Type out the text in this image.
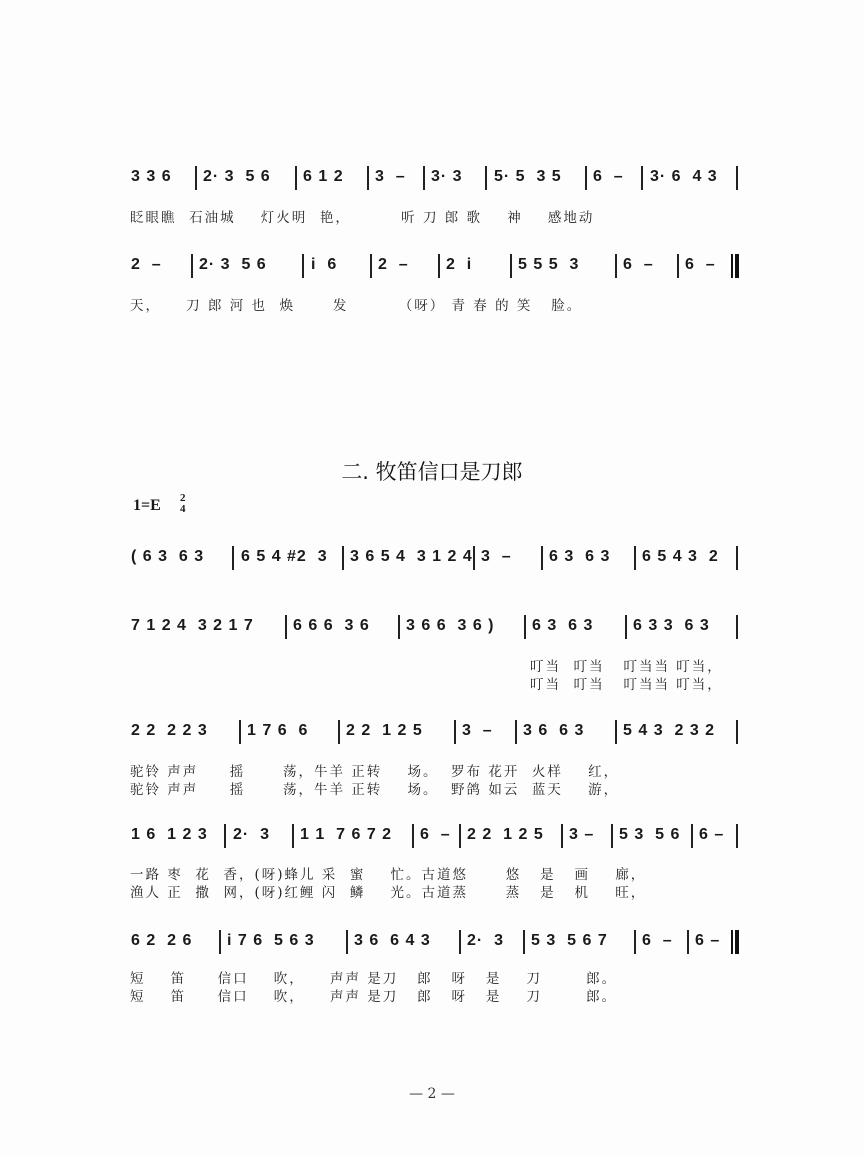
3 3 6 2· 3  5 6 6 1 2 3  – 3· 3 5· 5  3 5 6  – 3· 6  4 3
眨眼瞧  石油城    灯火明  艳，        听 刀 郎 歌    神    感地动
2  – 2· 3  5 6	i  6	2  – 2  i	5 5 5  3	6  – 6  –
天，    刀 郎 河 也  焕      发        （呀） 青 春 的 笑   脸。
二. 牧笛信口是刀郎
1=E 2
4
( 6 3  6 3 6 5 4 #2  3 3 6 5 4  3 1 2 4 3  – 6 3  6 3 6 5 4 3  2
7 1 2 4  3 2 1 7 6 6 6  3 6 3 6 6  3 6 ) 6 3  6 3 6 3 3  6 3
叮当  叮当   叮当当 叮当，
叮当  叮当   叮当当 叮当，
2 2  2 2 3 1 7 6  6 2 2  1 2 5 3  – 3 6  6 3 5 4 3  2 3 2
驼铃 声声     摇      荡，牛羊 正转    场。  罗布 花开  火样    红，
驼铃 声声     摇      荡，牛羊 正转    场。  野鸽 如云  蓝天    游，
1 6  1 2 3 2·  3 1 1  7 6 7 2 6  – 2 2  1 2 5 3 – 5 3  5 6 6 –
一路 枣  花  香，(呀)蜂儿 采  蜜    忙。古道悠      悠   是   画    廊，
渔人 正  撒  网，(呀)红鲤 闪  鳞    光。古道蒸      蒸   是   机    旺，
6 2  2 6 i 7 6  5 6 3 3 6  6 4 3 2·  3 5 3  5 6 7 6  – 6 –
短    笛     信口    吹，    声声 是刀   郎   呀   是    刀       郎。
短    笛     信口    吹，    声声 是刀   郎   呀   是    刀       郎。
— 2 —
